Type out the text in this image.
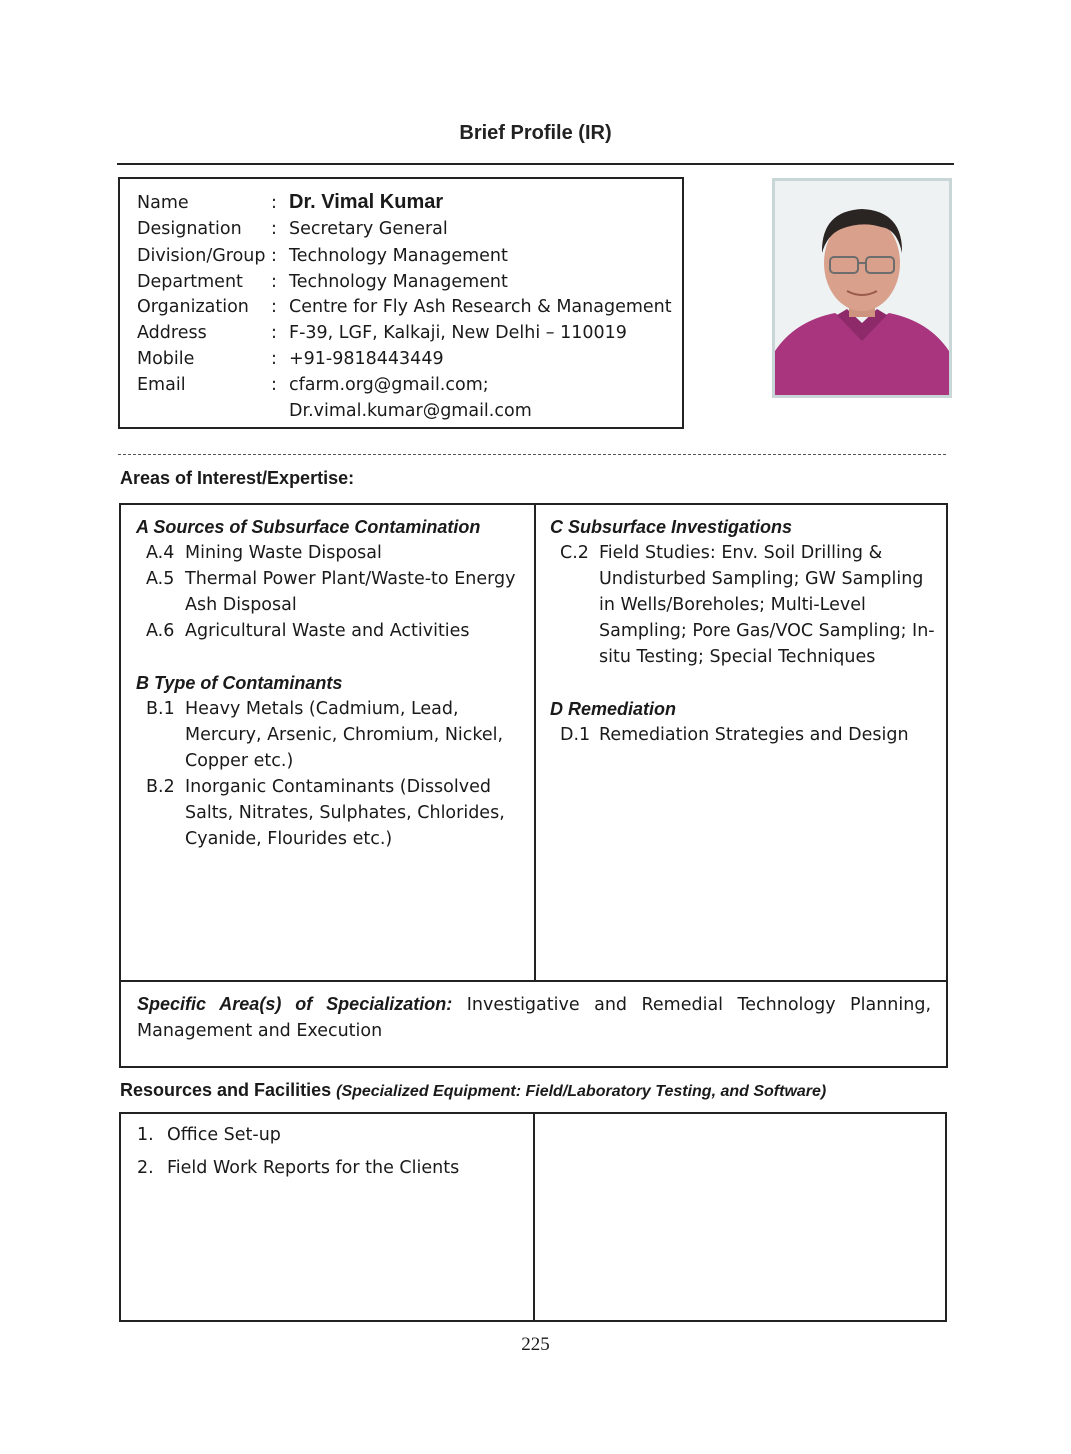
Brief Profile (IR)
Name	: Dr. Vimal Kumar
Designation : Secretary General
Division/Group : Technology Management
Department : Technology Management
Organization : Centre for Fly Ash Research & Management
Address	: F-39, LGF, Kalkaji, New Delhi – 110019
Mobile	: +91-9818443449
Email	: cfarm.org@gmail.com;
Dr.vimal.kumar@gmail.com
Areas of Interest/Expertise:
A Sources of Subsurface Contamination
A.4 Mining Waste Disposal
A.5 Thermal Power Plant/Waste-to Energy Ash Disposal
A.6 Agricultural Waste and Activities
B Type of Contaminants
B.1 Heavy Metals (Cadmium, Lead, Mercury, Arsenic, Chromium, Nickel, Copper etc.)
B.2 Inorganic Contaminants (Dissolved Salts, Nitrates, Sulphates, Chlorides, Cyanide, Flourides etc.)
C Subsurface Investigations
C.2 Field Studies: Env. Soil Drilling & Undisturbed Sampling; GW Sampling in Wells/Boreholes; Multi-Level Sampling; Pore Gas/VOC Sampling; In-situ Testing; Special Techniques
D Remediation
D.1 Remediation Strategies and Design
Specific Area(s) of Specialization: Investigative and Remedial Technology Planning, Management and Execution
Resources and Facilities (Specialized Equipment: Field/Laboratory Testing, and Software)
1. Office Set-up
2. Field Work Reports for the Clients
225
